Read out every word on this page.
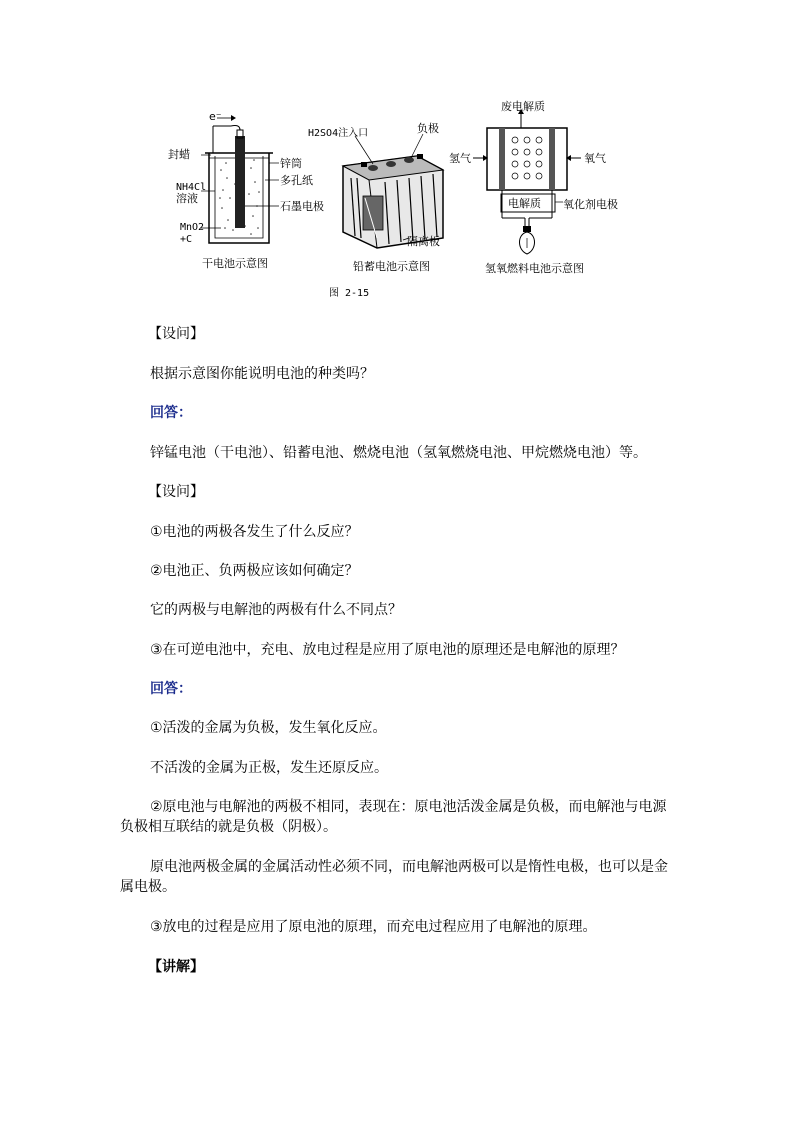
e⁻
封蜡
NH4Cl
溶液
MnO2
+C
锌筒
多孔纸
石墨电极
干电池示意图
H2SO4注入口	负极
隔离板
铅蓄电池示意图
废电解质
氢气	氧气
电解质 氧化剂电极
氢氧燃料电池示意图
图 2-15
【设问】
根据示意图你能说明电池的种类吗？
回答：
锌锰电池（干电池）、铅蓄电池、燃烧电池（氢氧燃烧电池、甲烷燃烧电池）等。
【设问】
①电池的两极各发生了什么反应？
②电池正、负两极应该如何确定？
它的两极与电解池的两极有什么不同点？
③在可逆电池中，充电、放电过程是应用了原电池的原理还是电解池的原理？
回答：
①活泼的金属为负极，发生氧化反应。
不活泼的金属为正极，发生还原反应。
②原电池与电解池的两极不相同，表现在：原电池活泼金属是负极，而电解池与电源负极相互联结的就是负极（阴极）。
原电池两极金属的金属活动性必须不同，而电解池两极可以是惰性电极，也可以是金属电极。
③放电的过程是应用了原电池的原理，而充电过程应用了电解池的原理。
【讲解】
